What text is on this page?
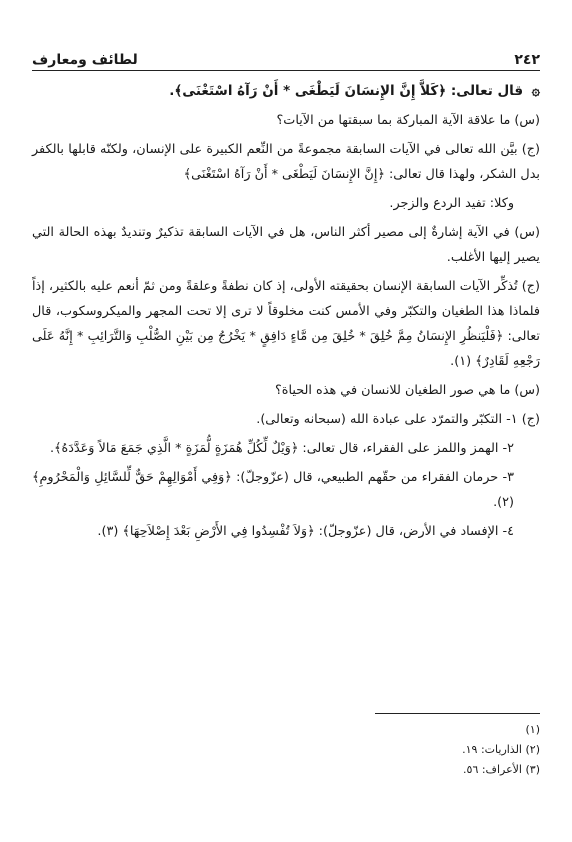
٢٤٢
لطائف ومعارف

۞ قال تعالى: ﴿كَلاَّ إِنَّ الإِنسَانَ لَيَطْغَى * أَنْ رَآهُ اسْتَغْنَى﴾.

(س) ما علاقة الآية المباركة بما سبقتها من الآيات؟

(ج) بيَّن الله تعالى في الآيات السابقة مجموعةً من النِّعم الكبيرة على الإنسان، ولكنّه قابلها بالكفر بدل الشكر، ولهذا قال تعالى: ﴿إِنَّ الإِنسَانَ لَيَطْغَى * أَنْ رَآهُ اسْتَغْنَى﴾

وكلا: تفيد الردع والزجر.

(س) في الآية إشارةٌ إلى مصير أكثر الناس، هل في الآيات السابقة تذكيرٌ وتنديدٌ بهذه الحالة التي يصير إليها الأغلب.

(ج) تُذكِّر الآيات السابقة الإنسان بحقيقته الأولى، إذ كان نطفةً وعلقةً ومن ثمّ أنعم عليه بالكثير، إذاً فلماذا هذا الطغيان والتكبّر وفي الأمس كنت مخلوقاً لا ترى إلا تحت المجهر والميكروسكوب، قال تعالى: ﴿فَلْيَنظُرِ الإِنسَانُ مِمَّ خُلِقَ * خُلِقَ مِن مَّاءٍ دَافِقٍ * يَخْرُجُ مِن بَيْنِ الصُّلْبِ وَالتَّرَائِبِ * إِنَّهُ عَلَى رَجْعِهِ لَقَادِرٌ﴾ (١).

(س) ما هي صور الطغيان للانسان في هذه الحياة؟

(ج) ١- التكبّر والتمرّد على عبادة الله (سبحانه وتعالى).

٢- الهمز واللمز على الفقراء، قال تعالى: ﴿وَيْلٌ لِّكُلِّ هُمَزَةٍ لُّمَزَةٍ * الَّذِي جَمَعَ مَالاً وَعَدَّدَهُ﴾.

٣- حرمان الفقراء من حقّهم الطبيعي، قال (عزّوجلّ): ﴿وَفِي أَمْوَالِهِمْ حَقٌّ لِّلسَّائِلِ وَالْمَحْرُومِ﴾ (٢).

٤- الإفساد في الأرض، قال (عزّوجلّ): ﴿وَلاَ تُفْسِدُوا فِي الأَرْضِ بَعْدَ إِصْلاَحِهَا﴾ (٣).

(١)
(٢) الذاريات: ١٩.
(٣) الأعراف: ٥٦.
